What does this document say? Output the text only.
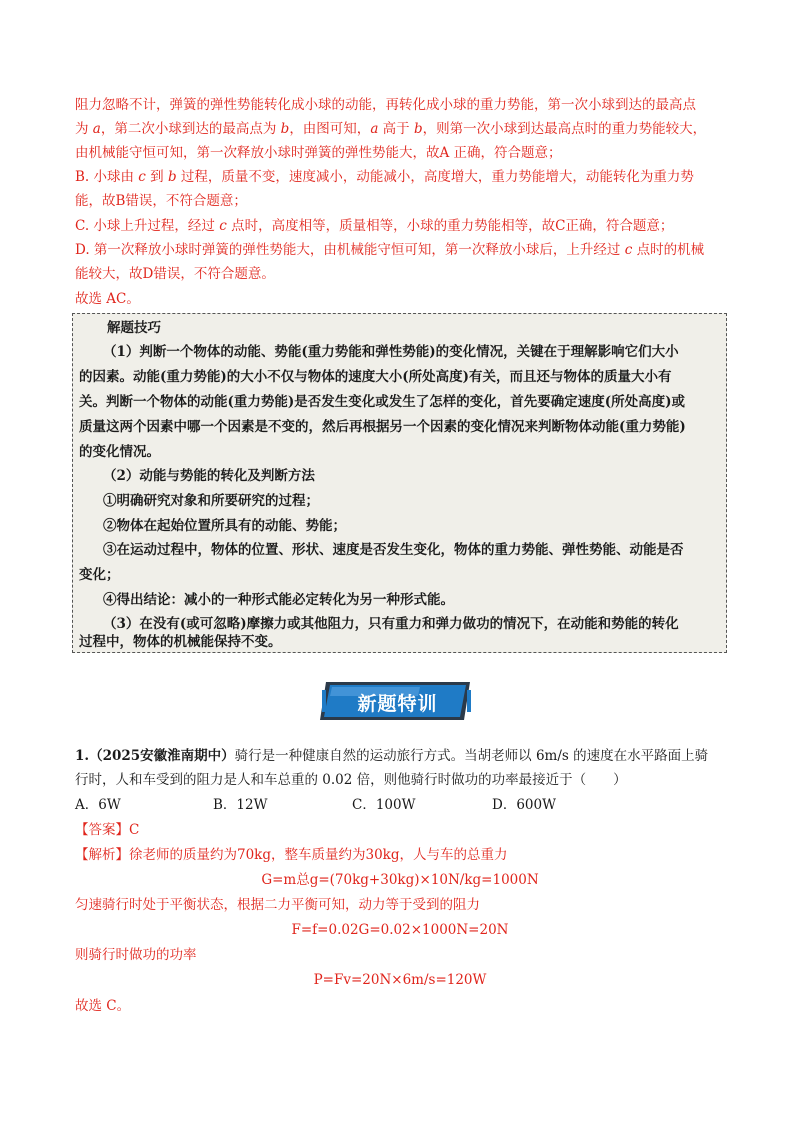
阻力忽略不计，弹簧的弹性势能转化成小球的动能，再转化成小球的重力势能，第一次小球到达的最高点
为 a，第二次小球到达的最高点为 b，由图可知，a 高于 b，则第一次小球到达最高点时的重力势能较大，
由机械能守恒可知，第一次释放小球时弹簧的弹性势能大，故A 正确，符合题意；
B. 小球由 c 到 b 过程，质量不变，速度减小，动能减小，高度增大，重力势能增大，动能转化为重力势
能，故B错误，不符合题意；
C. 小球上升过程，经过 c 点时，高度相等，质量相等，小球的重力势能相等，故C正确，符合题意；
D. 第一次释放小球时弹簧的弹性势能大，由机械能守恒可知，第一次释放小球后，上升经过 c 点时的机械
能较大，故D错误，不符合题意。
故选 AC。
解题技巧
（1）判断一个物体的动能、势能(重力势能和弹性势能)的变化情况，关键在于理解影响它们大小
的因素。动能(重力势能)的大小不仅与物体的速度大小(所处高度)有关，而且还与物体的质量大小有
关。判断一个物体的动能(重力势能)是否发生变化或发生了怎样的变化，首先要确定速度(所处高度)或
质量这两个因素中哪一个因素是不变的，然后再根据另一个因素的变化情况来判断物体动能(重力势能)
的变化情况。
（2）动能与势能的转化及判断方法
①明确研究对象和所要研究的过程；
②物体在起始位置所具有的动能、势能；
③在运动过程中，物体的位置、形状、速度是否发生变化，物体的重力势能、弹性势能、动能是否
变化；
④得出结论：减小的一种形式能必定转化为另一种形式能。
（3）在没有(或可忽略)摩擦力或其他阻力，只有重力和弹力做功的情况下，在动能和势能的转化
过程中，物体的机械能保持不变。
新题特训
1.（2025安徽淮南期中）骑行是一种健康自然的运动旅行方式。当胡老师以 6m/s 的速度在水平路面上骑
行时，人和车受到的阻力是人和车总重的 0.02 倍，则他骑行时做功的功率最接近于（　　）
A．6W	B．12W	C．100W	D．600W
【答案】C
【解析】徐老师的质量约为70kg，整车质量约为30kg，人与车的总重力
G=m总g=(70kg+30kg)×10N/kg=1000N
匀速骑行时处于平衡状态，根据二力平衡可知，动力等于受到的阻力
F=f=0.02G=0.02×1000N=20N
则骑行时做功的功率
P=Fv=20N×6m/s=120W
故选 C。
